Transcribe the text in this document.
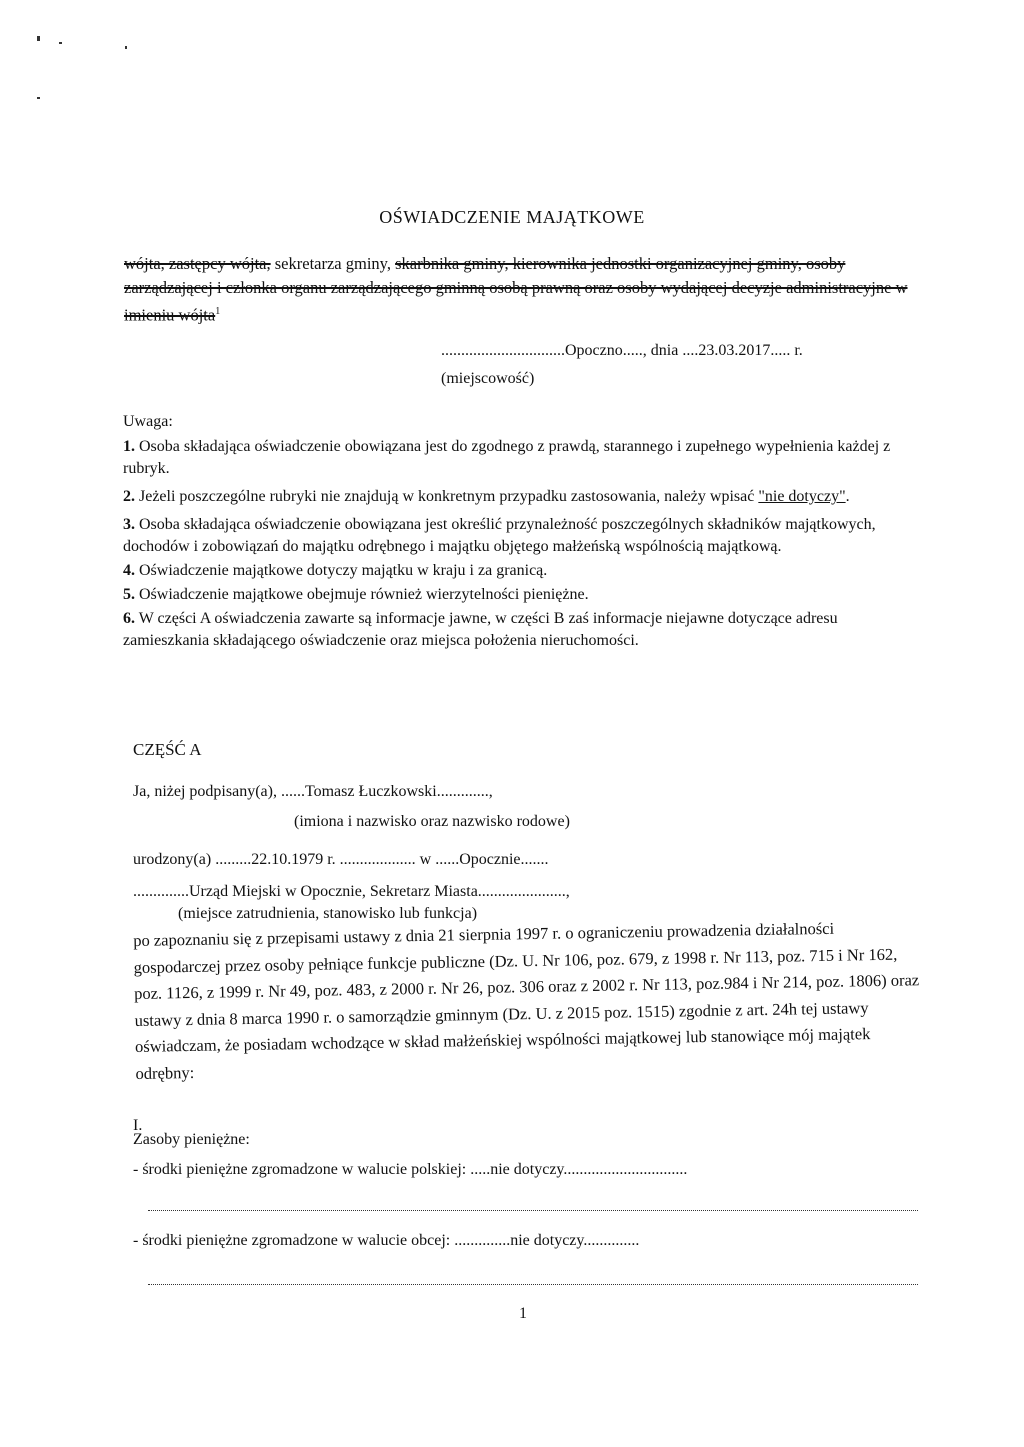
OŚWIADCZENIE MAJĄTKOWE
wójta, zastępcy wójta, sekretarza gminy, skarbnika gminy, kierownika jednostki organizacyjnej gminy, osoby zarządzającej i członka organu zarządzającego gminną osobą prawną oraz osoby wydającej decyzje administracyjne w imieniu wójta$^1$
...............................Opoczno....., dnia ....23.03.2017..... r.
(miejscowość)
Uwaga:
1. Osoba składająca oświadczenie obowiązana jest do zgodnego z prawdą, starannego i zupełnego wypełnienia każdej z rubryk.
2. Jeżeli poszczególne rubryki nie znajdują w konkretnym przypadku zastosowania, należy wpisać "nie dotyczy".
3. Osoba składająca oświadczenie obowiązana jest określić przynależność poszczególnych składników majątkowych, dochodów i zobowiązań do majątku odrębnego i majątku objętego małżeńską wspólnością majątkową.
4. Oświadczenie majątkowe dotyczy majątku w kraju i za granicą.
5. Oświadczenie majątkowe obejmuje również wierzytelności pieniężne.
6. W części A oświadczenia zawarte są informacje jawne, w części B zaś informacje niejawne dotyczące adresu zamieszkania składającego oświadczenie oraz miejsca położenia nieruchomości.
CZĘŚĆ A
Ja, niżej podpisany(a), ......Tomasz Łuczkowski.............,
(imiona i nazwisko oraz nazwisko rodowe)
urodzony(a) .........22.10.1979 r. ................... w ......Opocznie.......
..............Urząd Miejski w Opocznie, Sekretarz Miasta......................,
(miejsce zatrudnienia, stanowisko lub funkcja)
po zapoznaniu się z przepisami ustawy z dnia 21 sierpnia 1997 r. o ograniczeniu prowadzenia działalności gospodarczej przez osoby pełniące funkcje publiczne (Dz. U. Nr 106, poz. 679, z 1998 r. Nr 113, poz. 715 i Nr 162, poz. 1126, z 1999 r. Nr 49, poz. 483, z 2000 r. Nr 26, poz. 306 oraz z 2002 r. Nr 113, poz.984 i Nr 214, poz. 1806) oraz ustawy z dnia 8 marca 1990 r. o samorządzie gminnym (Dz. U. z 2015 poz. 1515) zgodnie z art. 24h tej ustawy oświadczam, że posiadam wchodzące w skład małżeńskiej wspólności majątkowej lub stanowiące mój majątek odrębny:
I.
Zasoby pieniężne:
- środki pieniężne zgromadzone w walucie polskiej: .....nie dotyczy...............................
- środki pieniężne zgromadzone w walucie obcej: ..............nie dotyczy..............
1
